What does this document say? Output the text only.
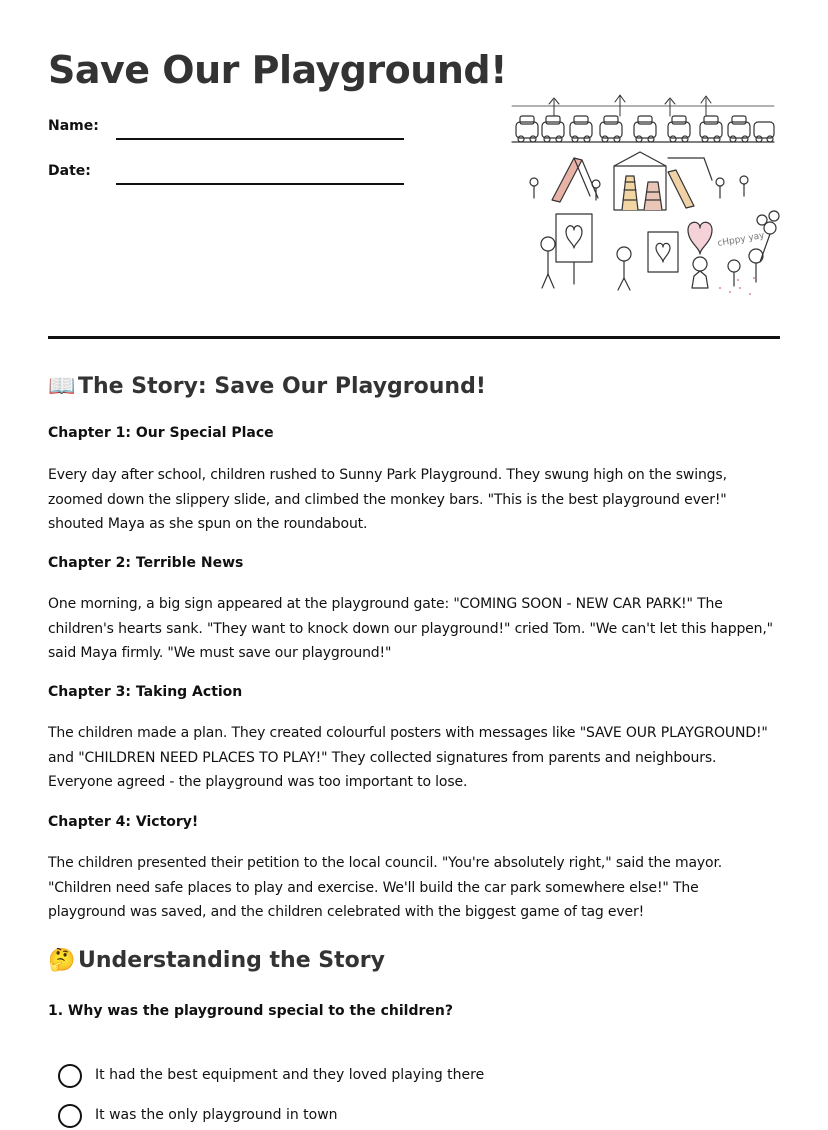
Save Our Playground!
Name:
Date:
cHppy yay
📖 The Story: Save Our Playground!
Chapter 1: Our Special Place

Every day after school, children rushed to Sunny Park Playground. They swung high on the swings, zoomed down the slippery slide, and climbed the monkey bars. "This is the best playground ever!" shouted Maya as she spun on the roundabout.

Chapter 2: Terrible News

One morning, a big sign appeared at the playground gate: "COMING SOON - NEW CAR PARK!" The children's hearts sank. "They want to knock down our playground!" cried Tom. "We can't let this happen," said Maya firmly. "We must save our playground!"

Chapter 3: Taking Action

The children made a plan. They created colourful posters with messages like "SAVE OUR PLAYGROUND!" and "CHILDREN NEED PLACES TO PLAY!" They collected signatures from parents and neighbours. Everyone agreed - the playground was too important to lose.

Chapter 4: Victory!

The children presented their petition to the local council. "You're absolutely right," said the mayor. "Children need safe places to play and exercise. We'll build the car park somewhere else!" The playground was saved, and the children celebrated with the biggest game of tag ever!

🤔 Understanding the Story

1. Why was the playground special to the children?

It had the best equipment and they loved playing there
It was the only playground in town
